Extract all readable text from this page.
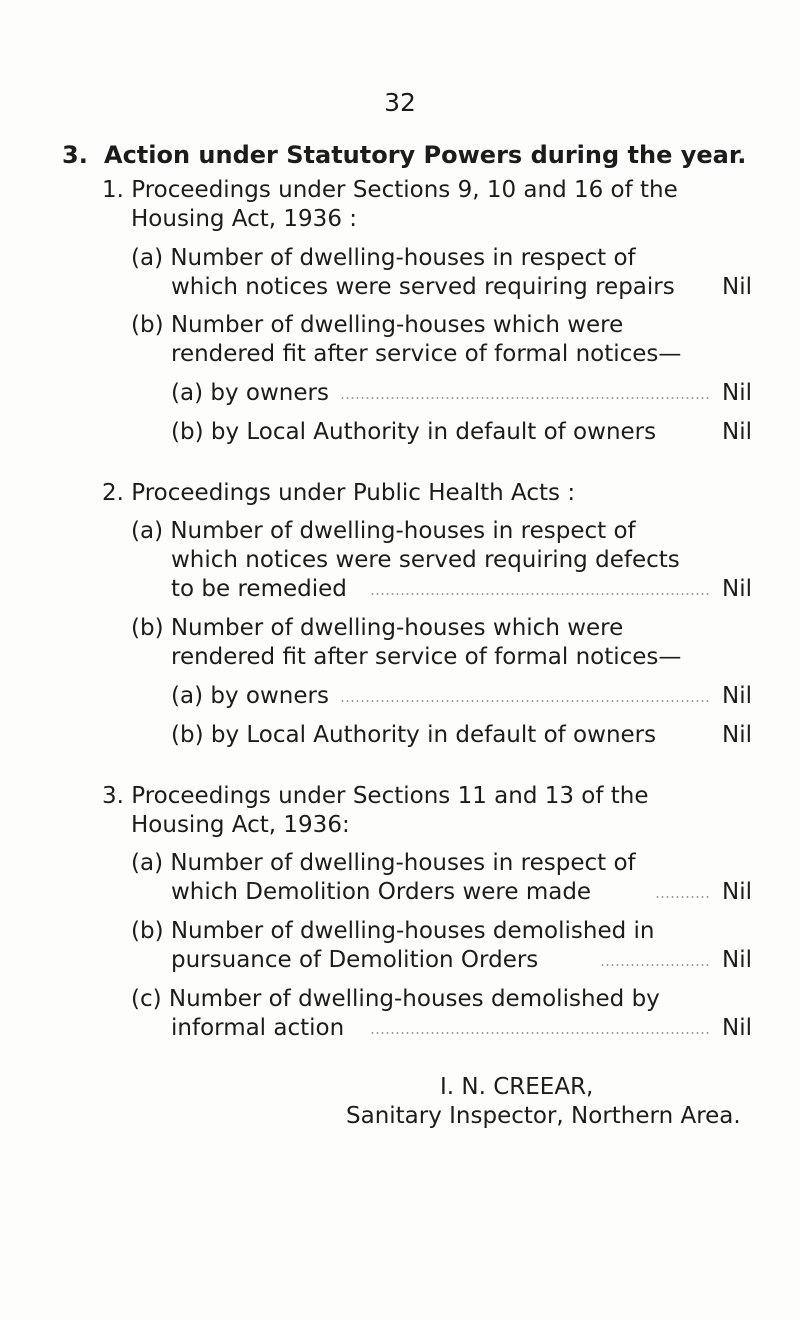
32
3. Action under Statutory Powers during the year.
1. Proceedings under Sections 9, 10 and 16 of the
Housing Act, 1936 :
(a) Number of dwelling-houses in respect of
which notices were served requiring repairs Nil
(b) Number of dwelling-houses which were
rendered fit after service of formal notices—
(a) by owners	Nil
(b) by Local Authority in default of owners	Nil
2. Proceedings under Public Health Acts :
(a) Number of dwelling-houses in respect of
which notices were served requiring defects
to be remedied	Nil
(b) Number of dwelling-houses which were
rendered fit after service of formal notices—
(a) by owners	Nil
(b) by Local Authority in default of owners	Nil
3. Proceedings under Sections 11 and 13 of the
Housing Act, 1936:
(a) Number of dwelling-houses in respect of
which Demolition Orders were made	Nil
(b) Number of dwelling-houses demolished in
pursuance of Demolition Orders	Nil
(c) Number of dwelling-houses demolished by
informal action	Nil
I. N. CREEAR,
Sanitary Inspector, Northern Area.
